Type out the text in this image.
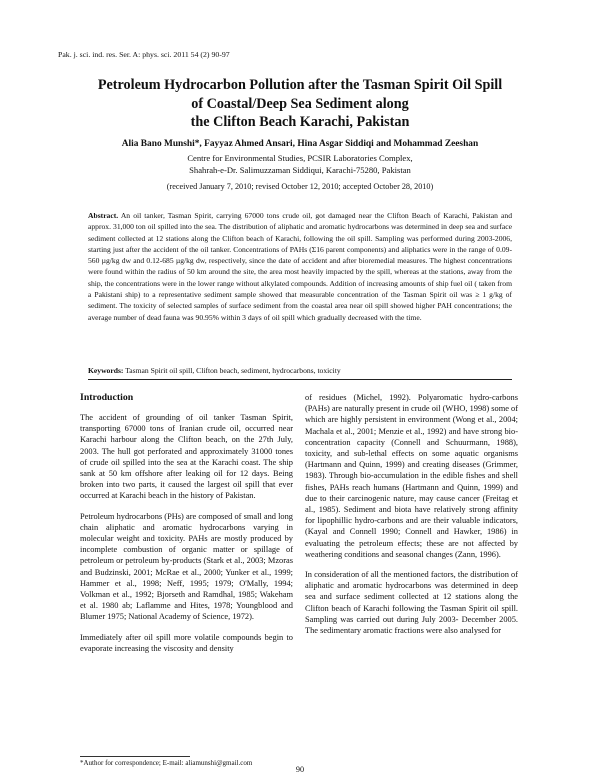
Pak. j. sci. ind. res. Ser. A: phys. sci. 2011 54 (2) 90-97
Petroleum Hydrocarbon Pollution after the Tasman Spirit Oil Spill
of Coastal/Deep Sea Sediment along
the Clifton Beach Karachi, Pakistan
Alia Bano Munshi*, Fayyaz Ahmed Ansari, Hina Asgar Siddiqi and Mohammad Zeeshan
Centre for Environmental Studies, PCSIR Laboratories Complex,
Shahrah-e-Dr. Salimuzzaman Siddiqui, Karachi-75280, Pakistan
(received January 7, 2010; revised October 12, 2010; accepted October 28, 2010)
Abstract. An oil tanker, Tasman Spirit, carrying 67000 tons crude oil, got damaged near the Clifton Beach of Karachi, Pakistan and approx. 31,000 ton oil spilled into the sea. The distribution of aliphatic and aromatic hydrocarbons was determined in deep sea and surface sediment collected at 12 stations along the Clifton beach of Karachi, following the oil spill. Sampling was performed during 2003-2006, starting just after the accident of the oil tanker. Concentrations of PAHs (Σ16 parent components) and aliphatics were in the range of 0.09-560 µg/kg dw and 0.12-685 µg/kg dw, respectively, since the date of accident and after bioremedial measures. The highest concentrations were found within the radius of 50 km around the site, the area most heavily impacted by the spill, whereas at the stations, away from the ship, the concentrations were in the lower range without alkylated compounds. Addition of increasing amounts of ship fuel oil ( taken from a Pakistani ship) to a representative sediment sample showed that measurable concentration of the Tasman Spirit oil was ≥ 1 g/kg of sediment. The toxicity of selected samples of surface sediment from the coastal area near oil spill showed higher PAH concentrations; the average number of dead fauna was 90.95% within 3 days of oil spill which gradually decreased with the time.
Keywords: Tasman Spirit oil spill, Clifton beach, sediment, hydrocarbons, toxicity
Introduction

The accident of grounding of oil tanker Tasman Spirit, transporting 67000 tons of Iranian crude oil, occurred near Karachi harbour along the Clifton beach, on the 27th July, 2003. The hull got perforated and approximately 31000 tones of crude oil spilled into the sea at the Karachi coast. The ship sank at 50 km offshore after leaking oil for 12 days. Being broken into two parts, it caused the largest oil spill that ever occurred at Karachi beach in the history of Pakistan.

Petroleum hydrocarbons (PHs) are composed of small and long chain aliphatic and aromatic hydrocarbons varying in molecular weight and toxicity. PAHs are mostly produced by incomplete combustion of organic matter or spillage of petroleum or petroleum by-products (Stark et al., 2003; Mzoras and Budzinski, 2001; McRae et al., 2000; Yunker et al., 1999; Hammer et al., 1998; Neff, 1995; 1979; O'Mally, 1994; Volkman et al., 1992; Bjorseth and Ramdhal, 1985; Wakeham et al. 1980 ab; Laflamme and Hites, 1978; Youngblood and Blumer 1975; National Academy of Science, 1972).

Immediately after oil spill more volatile compounds begin to evaporate increasing the viscosity and density

of residues (Michel, 1992). Polyaromatic hydro-carbons (PAHs) are naturally present in crude oil (WHO, 1998) some of which are highly persistent in environment (Wong et al., 2004; Machala et al., 2001; Menzie et al., 1992) and have strong bio-concentration capacity (Connell and Schuurmann, 1988), toxicity, and sub-lethal effects on some aquatic organisms (Hartmann and Quinn, 1999) and creating diseases (Grimmer, 1983). Through bio-accumulation in the edible fishes and shell fishes, PAHs reach humans (Hartmann and Quinn, 1999) and due to their carcinogenic nature, may cause cancer (Freitag et al., 1985). Sediment and biota have relatively strong affinity for lipophillic hydro-carbons and are their valuable indicators, (Kayal and Connell 1990; Connell and Hawker, 1986) in evaluating the petroleum effects; these are not affected by weathering conditions and seasonal changes (Zann, 1996).

In consideration of all the mentioned factors, the distribution of aliphatic and aromatic hydrocarbons was determined in deep sea and surface sediment collected at 12 stations along the Clifton beach of Karachi following the Tasman Spirit oil spill. Sampling was carried out during July 2003- December 2005. The sedimentary aromatic fractions were also analysed for

*Author for correspondence; E-mail: aliamunshi@gmail.com
90
